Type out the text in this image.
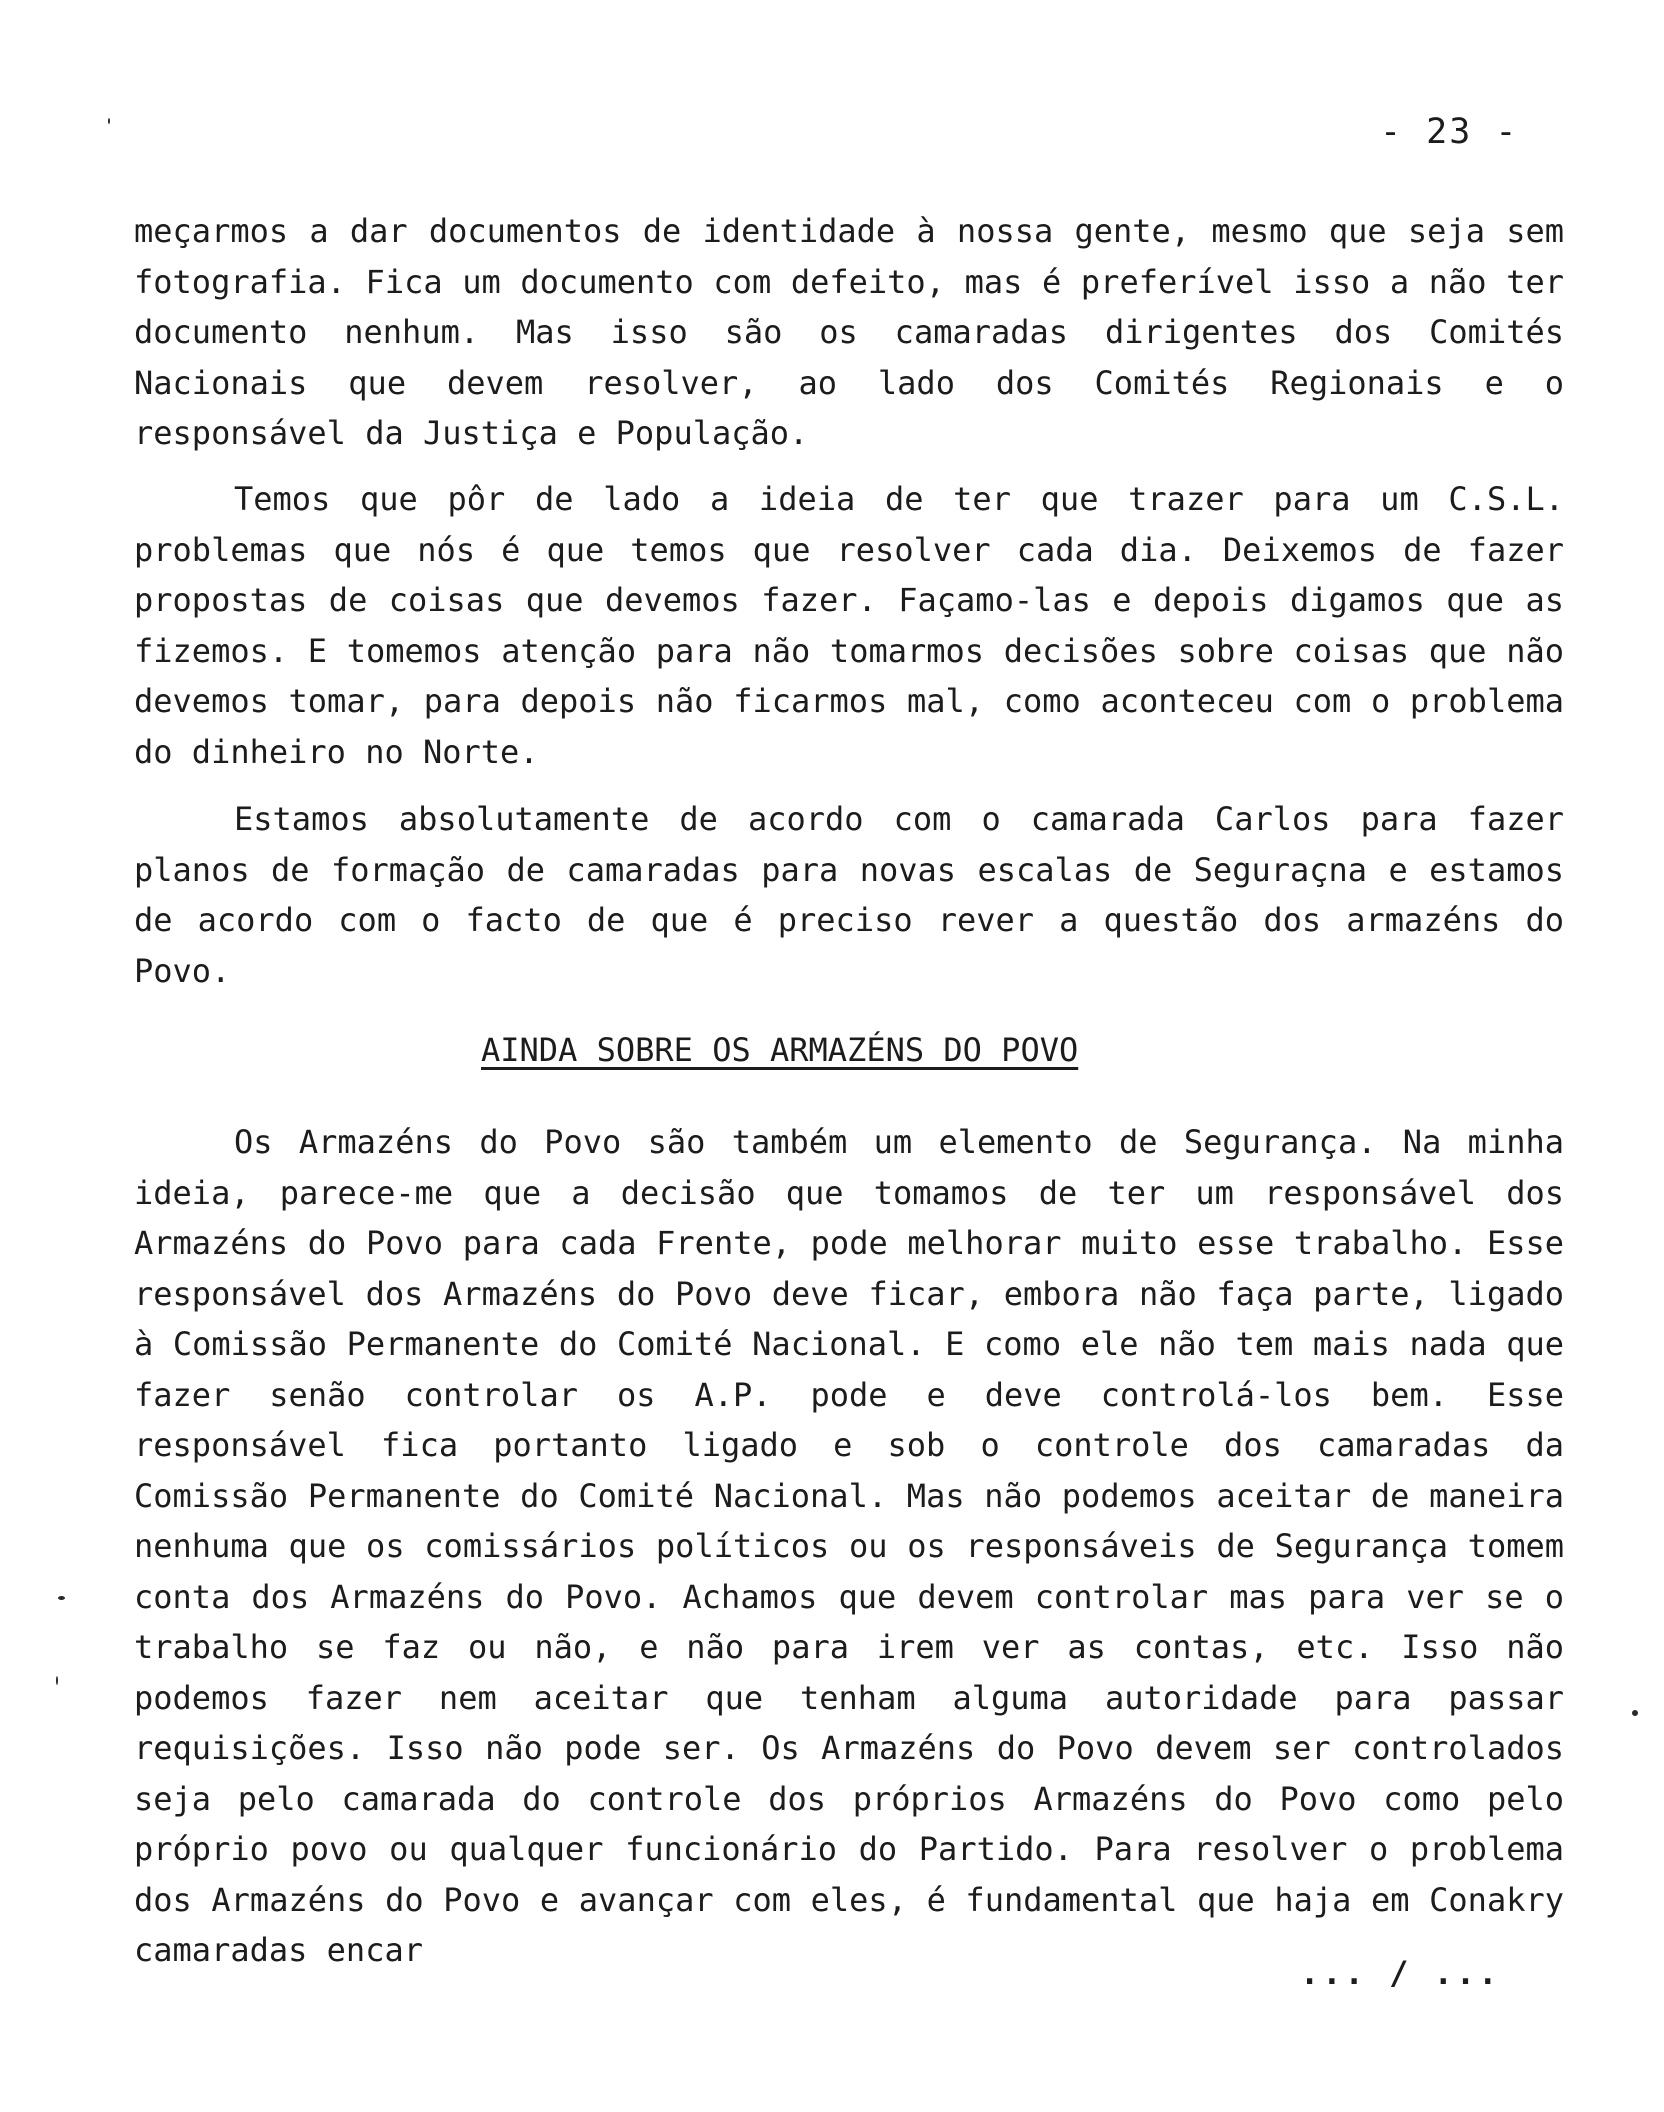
- 23 -

meçarmos a dar documentos de identidade à nossa gente, mesmo que seja sem fotografia. Fica um documento com defeito, mas é preferível isso a não ter documento nenhum. Mas isso são os camaradas dirigentes dos Comités Nacionais que devem resolver, ao lado dos Comités Regionais e o responsável da Justiça e População.

Temos que pôr de lado a ideia de ter que trazer para um C.S.L. problemas que nós é que temos que resolver cada dia. Deixemos de fazer propostas de coisas que devemos fazer. Façamo-las e depois digamos que as fizemos. E tomemos atenção para não tomarmos decisões sobre coisas que não devemos tomar, para depois não ficarmos mal, como aconteceu com o problema do dinheiro no Norte.

Estamos absolutamente de acordo com o camarada Carlos para fazer planos de formação de camaradas para novas escalas de Seguraçna e estamos de acordo com o facto de que é preciso rever a questão dos armazéns do Povo.

AINDA SOBRE OS ARMAZÉNS DO POVO

Os Armazéns do Povo são também um elemento de Segurança. Na minha ideia, parece-me que a decisão que tomamos de ter um responsável dos Armazéns do Povo para cada Frente, pode melhorar muito esse trabalho. Esse responsável dos Armazéns do Povo deve ficar, embora não faça parte, ligado à Comissão Permanente do Comité Nacional. E como ele não tem mais nada que fazer senão controlar os A.P. pode e deve controlá-los bem. Esse responsável fica portanto ligado e sob o controle dos camaradas da Comissão Permanente do Comité Nacional. Mas não podemos aceitar de maneira nenhuma que os comissários políticos ou os responsáveis de Segurança tomem conta dos Armazéns do Povo. Achamos que devem controlar mas para ver se o trabalho se faz ou não, e não para irem ver as contas, etc. Isso não podemos fazer nem aceitar que tenham alguma autoridade para passar requisições. Isso não pode ser. Os Armazéns do Povo devem ser controlados seja pelo camarada do controle dos próprios Armazéns do Povo como pelo próprio povo ou qualquer funcionário do Partido. Para resolver o problema dos Armazéns do Povo e avançar com eles, é fundamental que haja em Conakry camaradas encar

... / ...
